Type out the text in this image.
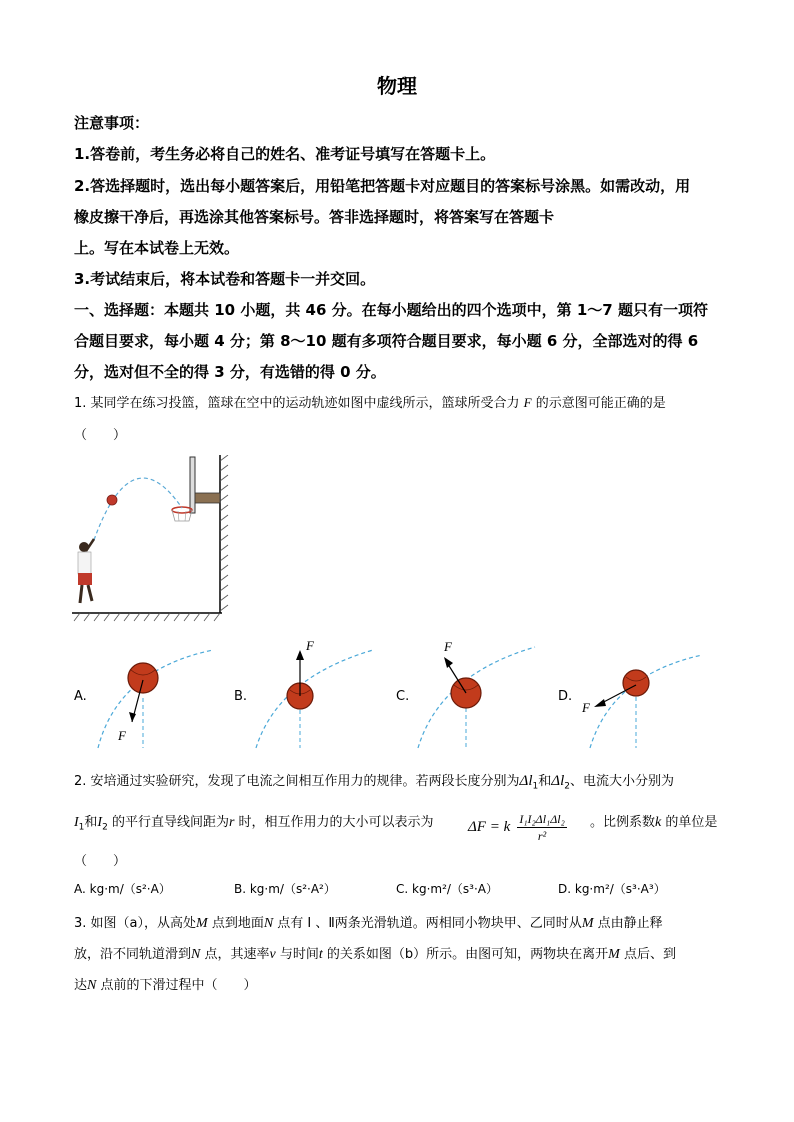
物理
注意事项：
1.答卷前，考生务必将自己的姓名、准考证号填写在答题卡上。
2.答选择题时，选出每小题答案后，用铅笔把答题卡对应题目的答案标号涂黑。如需改动，用
橡皮擦干净后，再选涂其他答案标号。答非选择题时，将答案写在答题卡
上。写在本试卷上无效。
3.考试结束后，将本试卷和答题卡一并交回。
一、选择题：本题共 10 小题，共 46 分。在每小题给出的四个选项中，第 1～7 题只有一项符
合题目要求，每小题 4 分；第 8～10 题有多项符合题目要求，每小题 6 分，全部选对的得 6
分，选对但不全的得 3 分，有选错的得 0 分。
1. 某同学在练习投篮，篮球在空中的运动轨迹如图中虚线所示，篮球所受合力 F 的示意图可能正确的是
（　　）
A.
F
B.
F
C.
F
D.
F
2. 安培通过实验研究，发现了电流之间相互作用力的规律。若两段长度分别为$\Delta l_1$和$\Delta l_2$、电流大小分别为
$I_1$和$I_2$ 的平行直导线间距为r 时，相互作用力的大小可以表示为 ΔF = k $\frac{\text{I₁I₂Δl₁Δl₂}}{\text{r²}}$ 。比例系数k 的单位是
（　　）
A. kg·m/（s²·A）	B. kg·m/（s²·A²）	C. kg·m²/（s³·A）	D. kg·m²/（s³·A³）
3. 如图（a），从高处M 点到地面N 点有 Ⅰ 、Ⅱ两条光滑轨道。两相同小物块甲、乙同时从M 点由静止释
放，沿不同轨道滑到N 点，其速率v 与时间t 的关系如图（b）所示。由图可知，两物块在离开M 点后、到
达N 点前的下滑过程中（　　）
